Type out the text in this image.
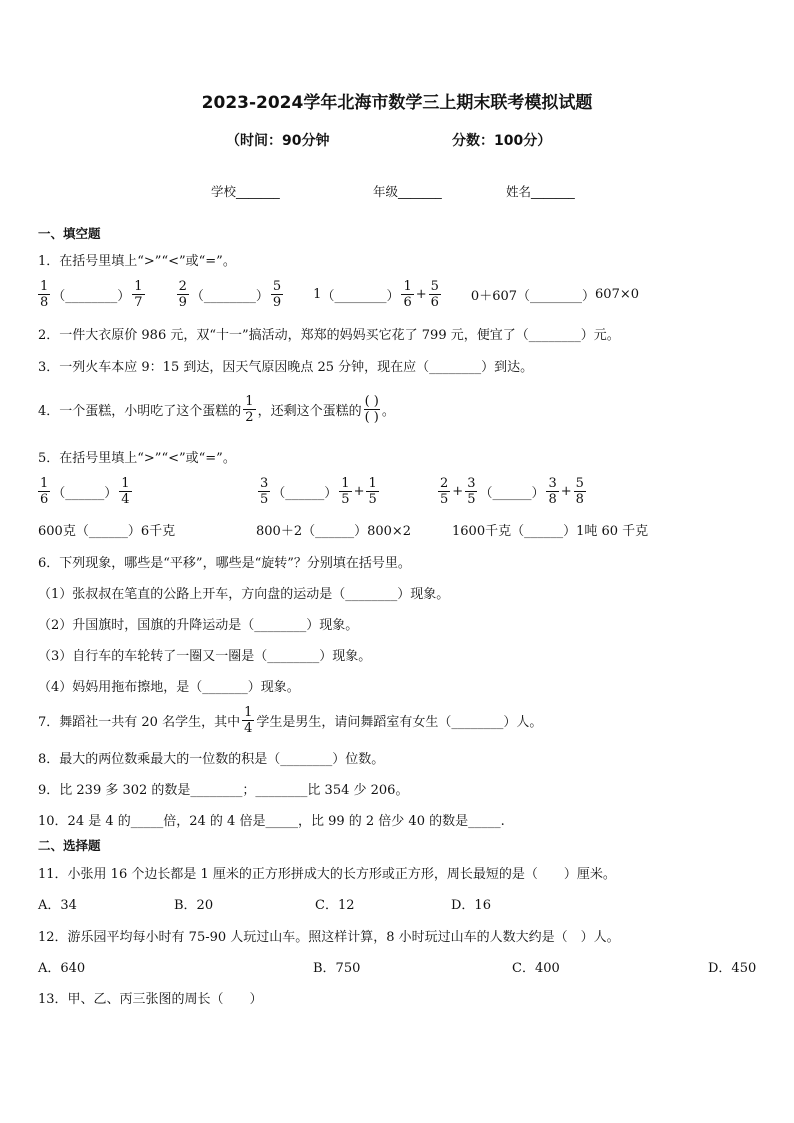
2023-2024学年北海市数学三上期末联考模拟试题
（时间：90分钟	分数：100分）
学校_______	年级_______	姓名_______
一、填空题
1．在括号里填上“>”“<”或“=”。
$\frac{1}{8}$ （________） $\frac{1}{7} \frac{2}{9}$ （________） $\frac{5}{9} 1$ （________） $\frac{1}{6} + \frac{5}{6} 0+607$ （________） 607×0
2．一件大衣原价 986 元，双“十一”搞活动，郑郑的妈妈买它花了 799 元，便宜了（________）元。
3．一列火车本应 9：15 到达，因天气原因晚点 25 分钟，现在应（________）到达。
4．一个蛋糕，小明吃了这个蛋糕的 $\frac{1}{2}$ ，还剩这个蛋糕的 $\frac{( )}{( )}$ 。
5．在括号里填上“>”“<”或“=”。
$\frac{1}{6}$ （______） $\frac{1}{4}$	$\frac{3}{5}$ （______） $\frac{1}{5} + \frac{1}{5}$	$\frac{2}{5} + \frac{3}{5}$ （______） $\frac{3}{8} + \frac{5}{8}$
600克（______）6千克	800＋2（______）800×2	1600千克（______）1吨 60 千克
6．下列现象，哪些是“平移”，哪些是“旋转”？分别填在括号里。
（1）张叔叔在笔直的公路上开车，方向盘的运动是（________）现象。
（2）升国旗时，国旗的升降运动是（________）现象。
（3）自行车的车轮转了一圈又一圈是（________）现象。
（4）妈妈用拖布擦地，是（_______）现象。
7．舞蹈社一共有 20 名学生，其中 $\frac{1}{4}$ 学生是男生，请问舞蹈室有女生（________）人。
8．最大的两位数乘最大的一位数的积是（________）位数。
9．比 239 多 302 的数是________；________比 354 少 206。
10．24 是 4 的_____倍，24 的 4 倍是_____，比 99 的 2 倍少 40 的数是_____.
二、选择题
11．小张用 16 个边长都是 1 厘米的正方形拼成大的长方形或正方形，周长最短的是（　　）厘米。
A．34	B．20	C．12	D．16
12．游乐园平均每小时有 75-90 人玩过山车。照这样计算，8 小时玩过山车的人数大约是（　）人。
A．640	B．750	C．400	D．450
13．甲、乙、丙三张图的周长（　　）
